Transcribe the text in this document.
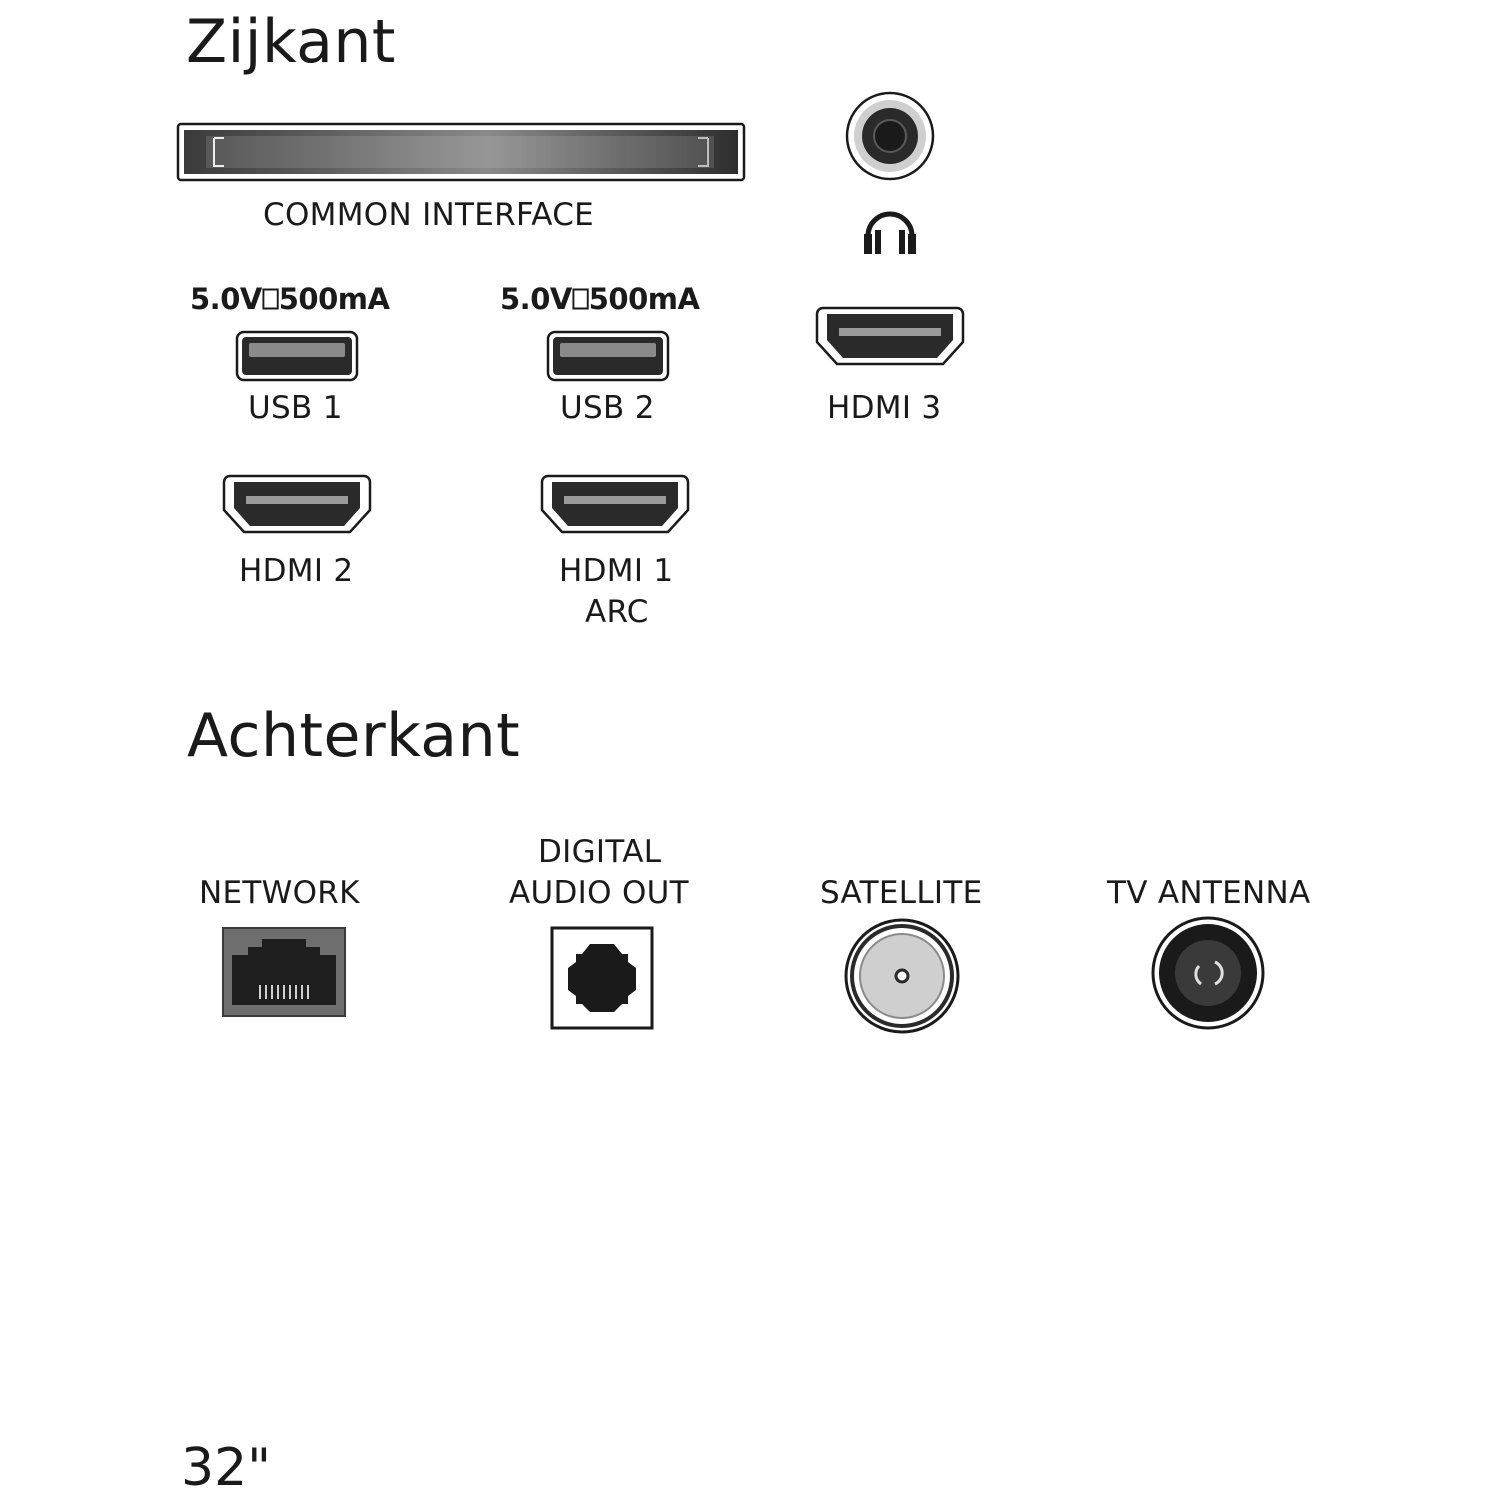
Zijkant
COMMON INTERFACE
5.0V⎕500mA
USB 1
5.0V⎕500mA
USB 2	HDMI 3
HDMI 2	HDMI 1
ARC
Achterkant
NETWORK
DIGITAL
AUDIO OUT	SATELLITE	TV ANTENNA
32"
